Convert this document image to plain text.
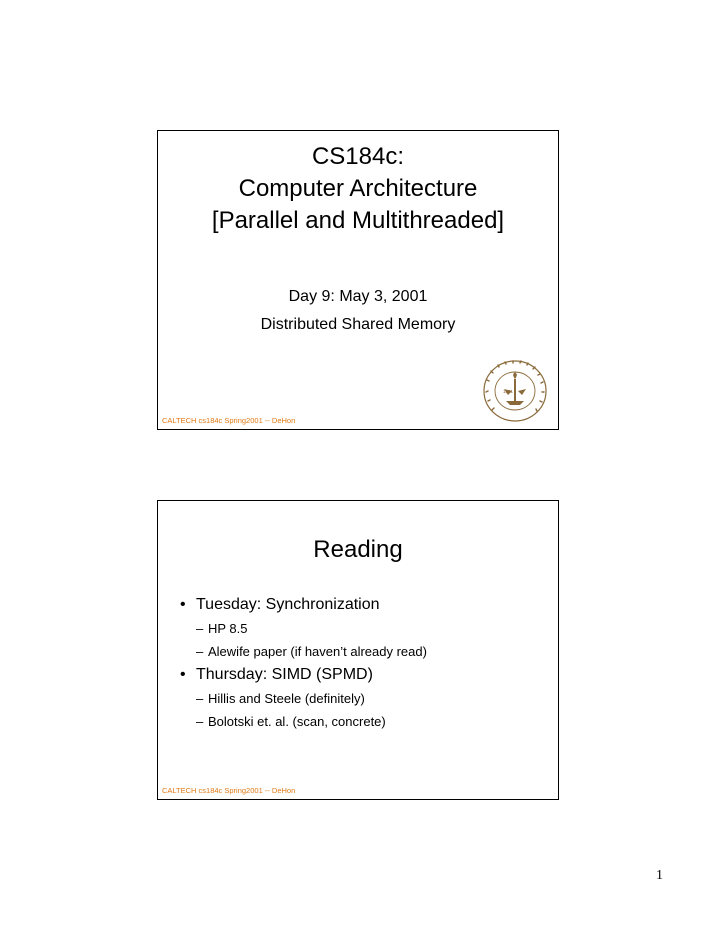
CS184c:
Computer Architecture
[Parallel and Multithreaded]
Day 9: May 3, 2001
Distributed Shared Memory
1891
CALTECH cs184c Spring2001 -- DeHon
Reading
• Tuesday: Synchronization
– HP 8.5
– Alewife paper (if haven’t already read)
• Thursday: SIMD (SPMD)
– Hillis and Steele (definitely)
– Bolotski et. al. (scan, concrete)
CALTECH cs184c Spring2001 -- DeHon
1
